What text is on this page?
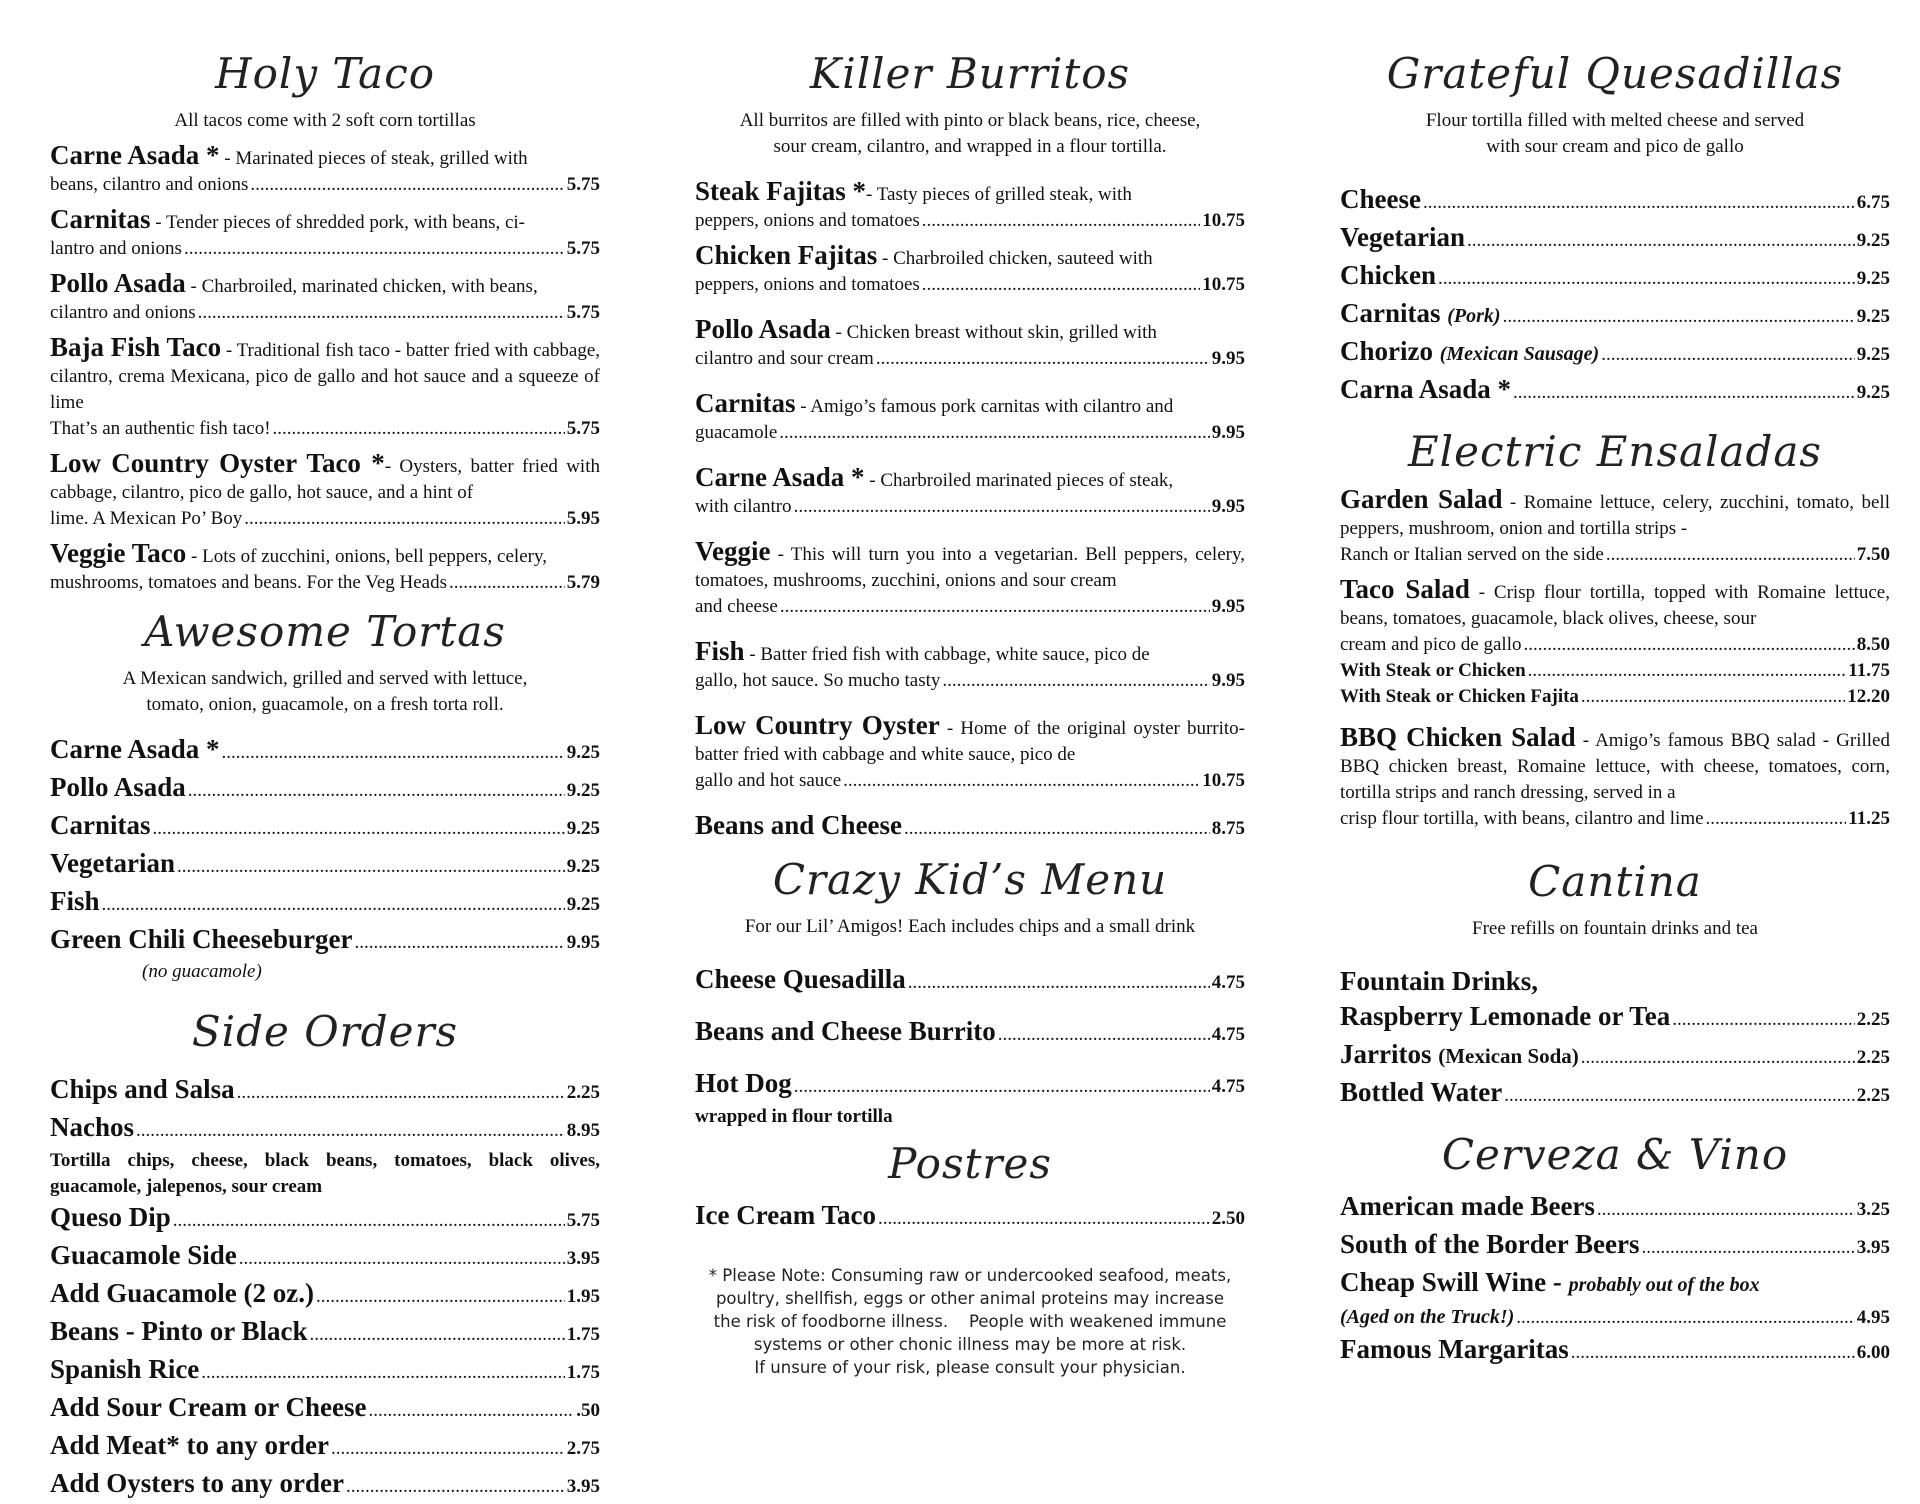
Holy Taco
All tacos come with 2 soft corn tortillas
Carne Asada * - Marinated pieces of steak, grilled with
beans, cilantro and onions .....	5.75
Carnitas - Tender pieces of shredded pork, with beans, ci-
lantro and onions .....	5.75
Pollo Asada - Charbroiled, marinated chicken, with beans,
cilantro and onions .....	5.75
Baja Fish Taco - Traditional fish taco - batter fried with cabbage, cilantro, crema Mexicana, pico de gallo and hot sauce and a squeeze of lime
That’s an authentic fish taco! .....	5.75
Low Country Oyster Taco *- Oysters, batter fried with cabbage, cilantro, pico de gallo, hot sauce, and a hint of
lime. A Mexican Po’ Boy .....	5.95
Veggie Taco - Lots of zucchini, onions, bell peppers, celery,
mushrooms, tomatoes and beans. For the Veg Heads .....	5.79
Awesome Tortas
A Mexican sandwich, grilled and served with lettuce,
tomato, onion, guacamole, on a fresh torta roll.
Carne Asada * .....	9.25
Pollo Asada .....	9.25
Carnitas .....	9.25
Vegetarian .....	9.25
Fish .....	9.25
Green Chili Cheeseburger .....	9.95
(no guacamole)
Side Orders
Chips and Salsa .....	2.25
Nachos .....	8.95
Tortilla chips, cheese, black beans, tomatoes, black olives, guacamole, jalepenos, sour cream
Queso Dip .....	5.75
Guacamole Side .....	3.95
Add Guacamole (2 oz.) .....	1.95
Beans - Pinto or Black .....	1.75
Spanish Rice .....	1.75
Add Sour Cream or Cheese .....	.50
Add Meat* to any order .....	2.75
Add Oysters to any order .....	3.95
Killer Burritos
All burritos are filled with pinto or black beans, rice, cheese,
sour cream, cilantro, and wrapped in a flour tortilla.
Steak Fajitas *- Tasty pieces of grilled steak, with
peppers, onions and tomatoes .....	10.75
Chicken Fajitas - Charbroiled chicken, sauteed with
peppers, onions and tomatoes .....	10.75
Pollo Asada - Chicken breast without skin, grilled with
cilantro and sour cream .....	9.95
Carnitas - Amigo’s famous pork carnitas with cilantro and
guacamole .....	9.95
Carne Asada * - Charbroiled marinated pieces of steak,
with cilantro .....	9.95
Veggie - This will turn you into a vegetarian. Bell peppers, celery, tomatoes, mushrooms, zucchini, onions and sour cream
and cheese .....	9.95
Fish - Batter fried fish with cabbage, white sauce, pico de
gallo, hot sauce. So mucho tasty .....	9.95
Low Country Oyster - Home of the original oyster burrito- batter fried with cabbage and white sauce, pico de
gallo and hot sauce .....	10.75
Beans and Cheese .....	8.75
Crazy Kid’s Menu
For our Lil’ Amigos! Each includes chips and a small drink
Cheese Quesadilla .....	4.75
Beans and Cheese Burrito .....	4.75
Hot Dog .....	4.75
wrapped in flour tortilla
Postres
Ice Cream Taco .....	2.50
* Please Note: Consuming raw or undercooked seafood, meats,
poultry, shellfish, eggs or other animal proteins may increase
the risk of foodborne illness.    People with weakened immune
systems or other chonic illness may be more at risk.
If unsure of your risk, please consult your physician.
Grateful Quesadillas
Flour tortilla filled with melted cheese and served
with sour cream and pico de gallo
Cheese .....	6.75
Vegetarian .....	9.25
Chicken .....	9.25
Carnitas (Pork) .....	9.25
Chorizo (Mexican Sausage) .....	9.25
Carna Asada * .....	9.25
Electric Ensaladas
Garden Salad - Romaine lettuce, celery, zucchini, tomato, bell peppers, mushroom, onion and tortilla strips -
Ranch or Italian served on the side .....	7.50
Taco Salad - Crisp flour tortilla, topped with Romaine lettuce, beans, tomatoes, guacamole, black olives, cheese, sour
cream and pico de gallo .....	8.50
With Steak or Chicken .....	11.75
With Steak or Chicken Fajita .....	12.20
BBQ Chicken Salad - Amigo’s famous BBQ salad - Grilled BBQ chicken breast, Romaine lettuce, with cheese, tomatoes, corn, tortilla strips and ranch dressing, served in a
crisp flour tortilla, with beans, cilantro and lime .....	11.25
Cantina
Free refills on fountain drinks and tea
Fountain Drinks,
Raspberry Lemonade or Tea .....	2.25
Jarritos (Mexican Soda) .....	2.25
Bottled Water .....	2.25
Cerveza & Vino
American made Beers .....	3.25
South of the Border Beers .....	3.95
Cheap Swill Wine - probably out of the box
(Aged on the Truck!) .....	4.95
Famous Margaritas .....	6.00
